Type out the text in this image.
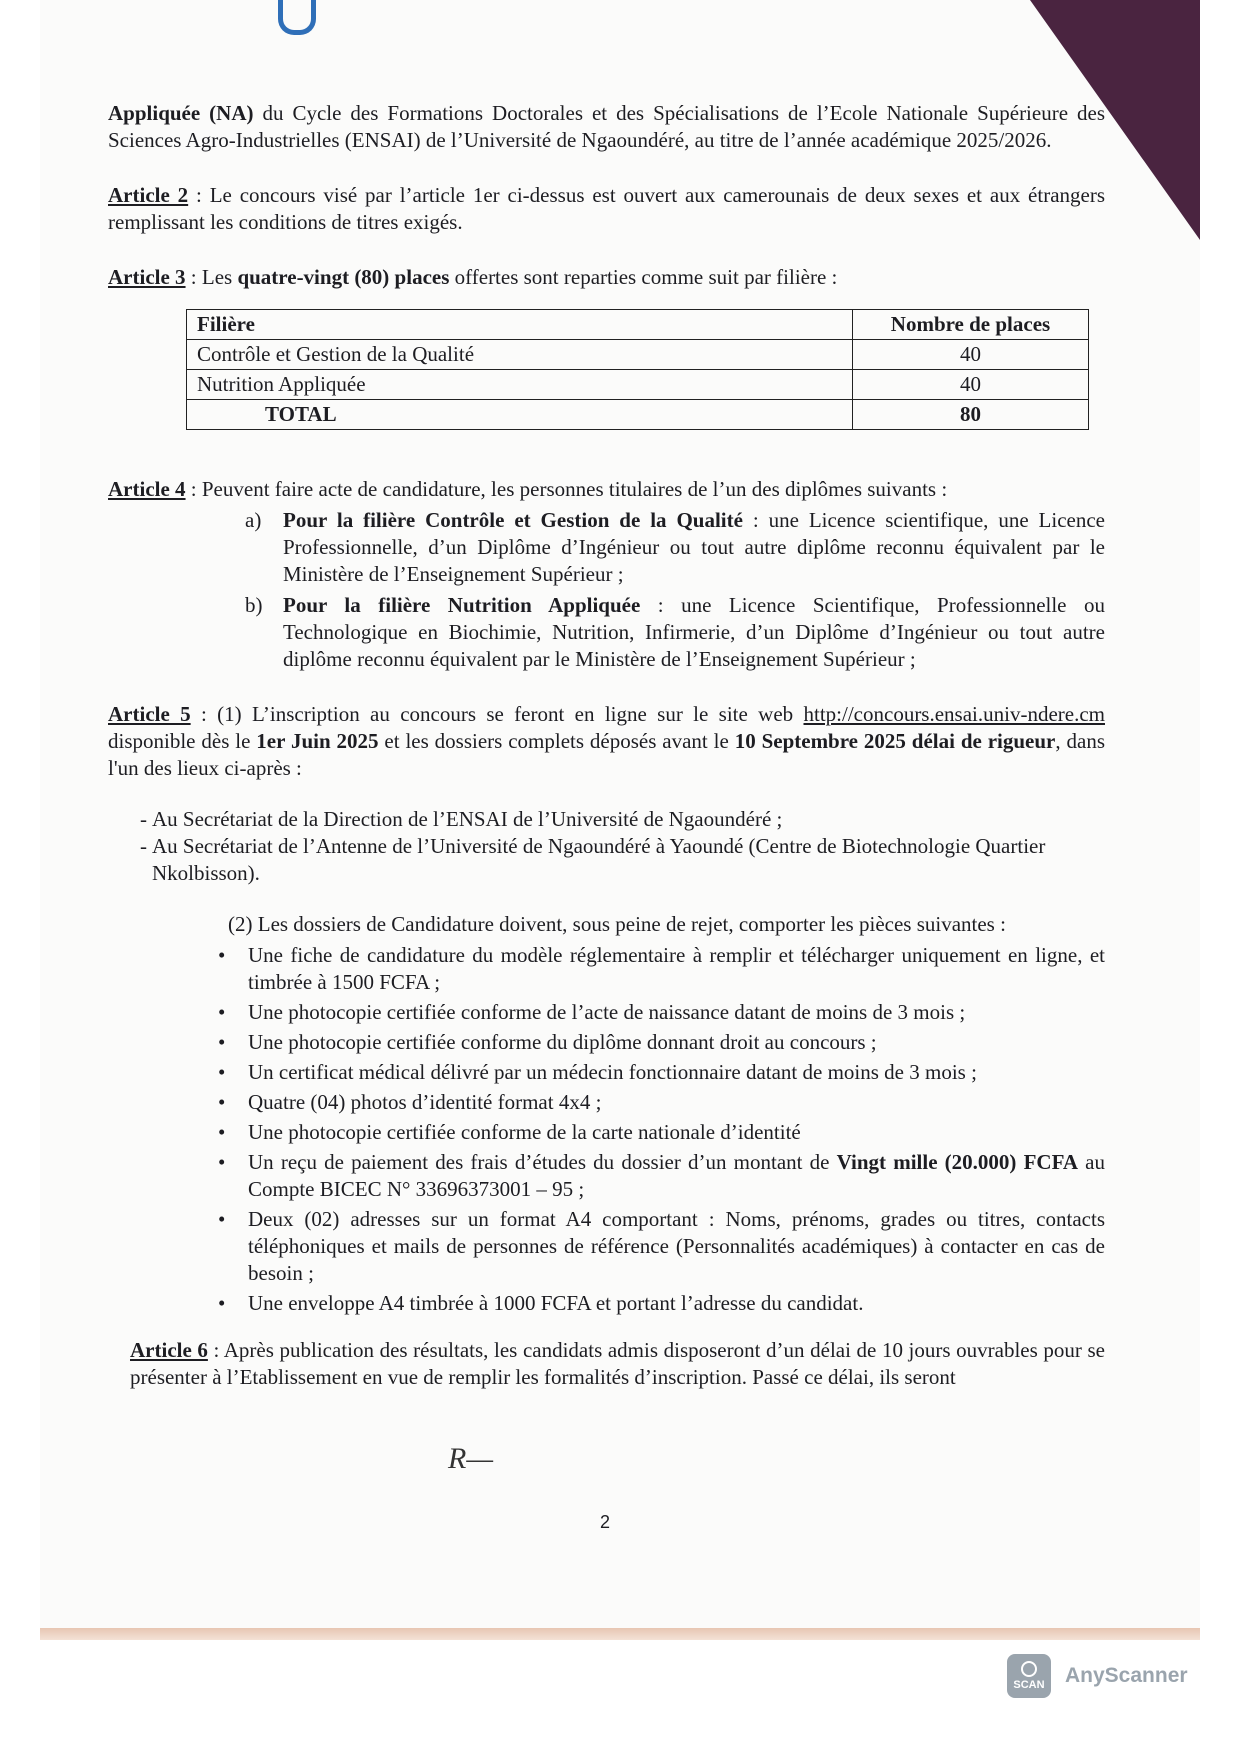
Appliquée (NA) du Cycle des Formations Doctorales et des Spécialisations de l’Ecole Nationale Supérieure des Sciences Agro-Industrielles (ENSAI) de l’Université de Ngaoundéré, au titre de l’année académique 2025/2026.

Article 2 : Le concours visé par l’article 1er ci-dessus est ouvert aux camerounais de deux sexes et aux étrangers remplissant les conditions de titres exigés.

Article 3 : Les quatre-vingt (80) places offertes sont reparties comme suit par filière :

Filière	Nombre de places
Contrôle et Gestion de la Qualité	40
Nutrition Appliquée	40
TOTAL	80

Article 4 : Peuvent faire acte de candidature, les personnes titulaires de l’un des diplômes suivants :

a) Pour la filière Contrôle et Gestion de la Qualité : une Licence scientifique, une Licence Professionnelle, d’un Diplôme d’Ingénieur ou tout autre diplôme reconnu équivalent par le Ministère de l’Enseignement Supérieur ;
b) Pour la filière Nutrition Appliquée : une Licence Scientifique, Professionnelle ou Technologique en Biochimie, Nutrition, Infirmerie, d’un Diplôme d’Ingénieur ou tout autre diplôme reconnu équivalent par le Ministère de l’Enseignement Supérieur ;

Article 5 : (1) L’inscription au concours se feront en ligne sur le site web http://concours.ensai.univ-ndere.cm disponible dès le 1er Juin 2025 et les dossiers complets déposés avant le 10 Septembre 2025 délai de rigueur, dans l'un des lieux ci-après :

- Au Secrétariat de la Direction de l’ENSAI de l’Université de Ngaoundéré ;
- Au Secrétariat de l’Antenne de l’Université de Ngaoundéré à Yaoundé (Centre de Biotechnologie Quartier Nkolbisson).
(2) Les dossiers de Candidature doivent, sous peine de rejet, comporter les pièces suivantes :
• Une fiche de candidature du modèle réglementaire à remplir et télécharger uniquement en ligne, et timbrée à 1500 FCFA ;
• Une photocopie certifiée conforme de l’acte de naissance datant de moins de 3 mois ;
• Une photocopie certifiée conforme du diplôme donnant droit au concours ;
• Un certificat médical délivré par un médecin fonctionnaire datant de moins de 3 mois ;
• Quatre (04) photos d’identité format 4x4 ;
• Une photocopie certifiée conforme de la carte nationale d’identité
• Un reçu de paiement des frais d’études du dossier d’un montant de Vingt mille (20.000) FCFA au Compte BICEC N° 33696373001 – 95 ;
• Deux (02) adresses sur un format A4 comportant : Noms, prénoms, grades ou titres, contacts téléphoniques et mails de personnes de référence (Personnalités académiques) à contacter en cas de besoin ;
• Une enveloppe A4 timbrée à 1000 FCFA et portant l’adresse du candidat.

Article 6 : Après publication des résultats, les candidats admis disposeront d’un délai de 10 jours ouvrables pour se présenter à l’Etablissement en vue de remplir les formalités d’inscription. Passé ce délai, ils seront

R—
2
SCAN AnyScanner
